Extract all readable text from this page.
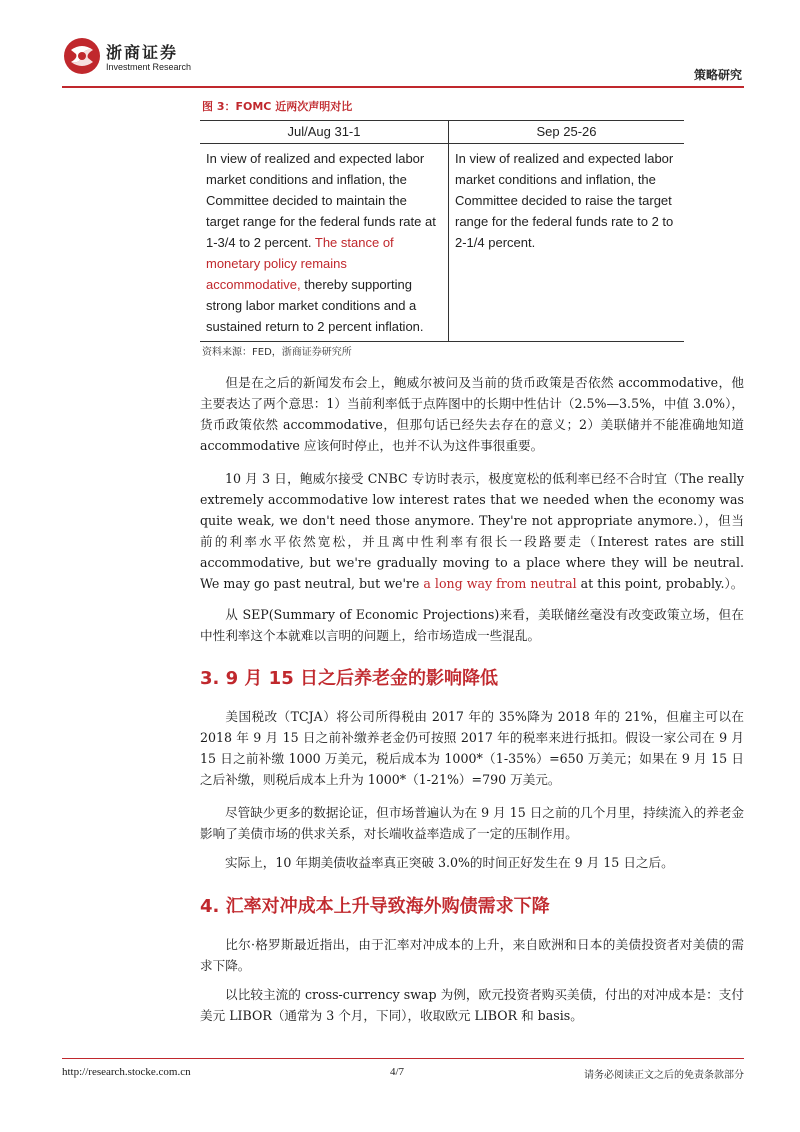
浙商证券
Investment Research
策略研究
图 3：FOMC 近两次声明对比
Jul/Aug 31-1	Sep 25-26
In view of realized and expected labor market conditions and inflation, the Committee decided to maintain the target range for the federal funds rate at 1-3/4 to 2 percent. The stance of monetary policy remains accommodative, thereby supporting strong labor market conditions and a sustained return to 2 percent inflation.	In view of realized and expected labor market conditions and inflation, the Committee decided to raise the target range for the federal funds rate to 2 to 2-1/4 percent.
资料来源：FED，浙商证券研究所
但是在之后的新闻发布会上，鲍威尔被问及当前的货币政策是否依然 accommodative，他主要表达了两个意思：1）当前利率低于点阵图中的长期中性估计（2.5%—3.5%，中值 3.0%），货币政策依然 accommodative，但那句话已经失去存在的意义；2）美联储并不能准确地知道 accommodative 应该何时停止，也并不认为这件事很重要。
10 月 3 日，鲍威尔接受 CNBC 专访时表示，极度宽松的低利率已经不合时宜（The really extremely accommodative low interest rates that we needed when the economy was quite weak, we don't need those anymore. They're not appropriate anymore.），但当前的利率水平依然宽松，并且离中性利率有很长一段路要走（Interest rates are still accommodative, but we're gradually moving to a place where they will be neutral. We may go past neutral, but we're a long way from neutral at this point, probably.）。
从 SEP(Summary of Economic Projections)来看，美联储丝毫没有改变政策立场，但在中性利率这个本就难以言明的问题上，给市场造成一些混乱。
3. 9 月 15 日之后养老金的影响降低
美国税改（TCJA）将公司所得税由 2017 年的 35%降为 2018 年的 21%，但雇主可以在 2018 年 9 月 15 日之前补缴养老金仍可按照 2017 年的税率来进行抵扣。假设一家公司在 9 月 15 日之前补缴 1000 万美元，税后成本为 1000*（1-35%）=650 万美元；如果在 9 月 15 日之后补缴，则税后成本上升为 1000*（1-21%）=790 万美元。
尽管缺少更多的数据论证，但市场普遍认为在 9 月 15 日之前的几个月里，持续流入的养老金影响了美债市场的供求关系，对长端收益率造成了一定的压制作用。
实际上，10 年期美债收益率真正突破 3.0%的时间正好发生在 9 月 15 日之后。
4. 汇率对冲成本上升导致海外购债需求下降
比尔·格罗斯最近指出，由于汇率对冲成本的上升，来自欧洲和日本的美债投资者对美债的需求下降。
以比较主流的 cross-currency swap 为例，欧元投资者购买美债，付出的对冲成本是：支付美元 LIBOR（通常为 3 个月，下同），收取欧元 LIBOR 和 basis。
http://research.stocke.com.cn	4/7	请务必阅读正文之后的免责条款部分
